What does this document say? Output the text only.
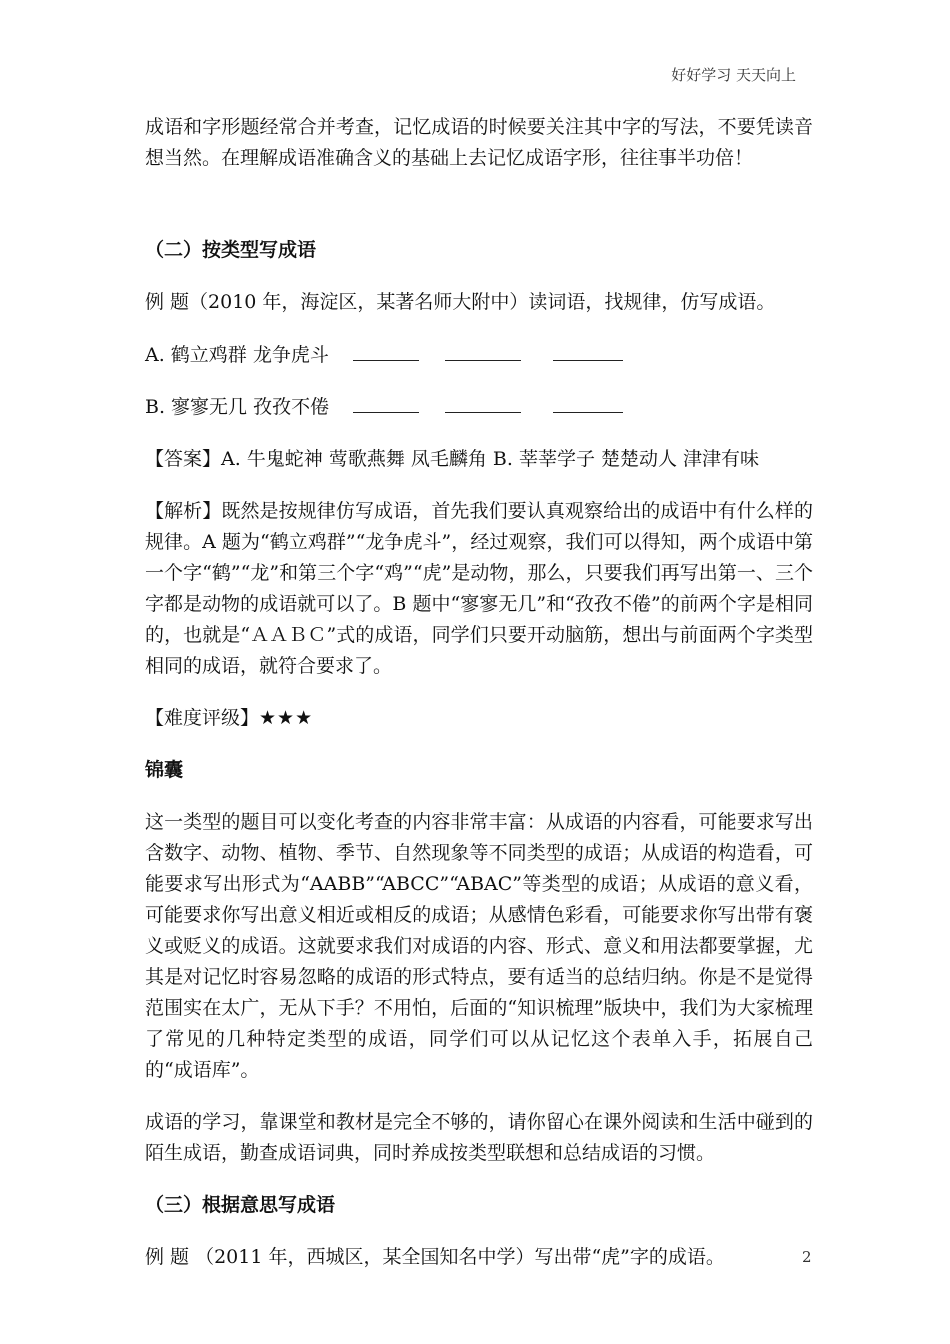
好好学习 天天向上

成语和字形题经常合并考查，记忆成语的时候要关注其中字的写法，不要凭读音想当然。在理解成语准确含义的基础上去记忆成语字形，往往事半功倍！

（二）按类型写成语

例 题（2010 年，海淀区，某著名师大附中）读词语，找规律，仿写成语。

A. 鹤立鸡群 龙争虎斗
B. 寥寥无几 孜孜不倦

【答案】A. 牛鬼蛇神 莺歌燕舞 凤毛麟角 B. 莘莘学子 楚楚动人 津津有味

【解析】既然是按规律仿写成语，首先我们要认真观察给出的成语中有什么样的规律。A 题为“鹤立鸡群”“龙争虎斗”，经过观察，我们可以得知，两个成语中第一个字“鹤”“龙”和第三个字“鸡”“虎”是动物，那么，只要我们再写出第一、三个字都是动物的成语就可以了。B 题中“寥寥无几”和“孜孜不倦”的前两个字是相同的，也就是“ＡＡＢＣ”式的成语，同学们只要开动脑筋，想出与前面两个字类型相同的成语，就符合要求了。

【难度评级】★★★

锦囊

这一类型的题目可以变化考查的内容非常丰富：从成语的内容看，可能要求写出含数字、动物、植物、季节、自然现象等不同类型的成语；从成语的构造看，可能要求写出形式为“AABB”“ABCC”“ABAC”等类型的成语；从成语的意义看，可能要求你写出意义相近或相反的成语；从感情色彩看，可能要求你写出带有褒义或贬义的成语。这就要求我们对成语的内容、形式、意义和用法都要掌握，尤其是对记忆时容易忽略的成语的形式特点，要有适当的总结归纳。你是不是觉得范围实在太广，无从下手？不用怕，后面的“知识梳理”版块中，我们为大家梳理了常见的几种特定类型的成语，同学们可以从记忆这个表单入手，拓展自己的“成语库”。

成语的学习，靠课堂和教材是完全不够的，请你留心在课外阅读和生活中碰到的陌生成语，勤查成语词典，同时养成按类型联想和总结成语的习惯。

（三）根据意思写成语

例 题 （2011 年，西城区，某全国知名中学）写出带“虎”字的成语。	2
